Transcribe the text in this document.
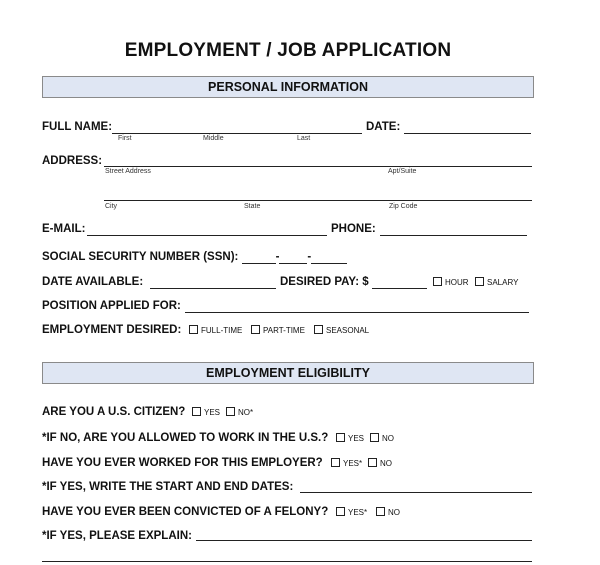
EMPLOYMENT / JOB APPLICATION
PERSONAL INFORMATION
FULL NAME:
First	Middle	Last
DATE:
ADDRESS:
Street Address	Apt/Suite
City	State	Zip Code
E-MAIL:	PHONE:
SOCIAL SECURITY NUMBER (SSN):	- -
DATE AVAILABLE:	DESIRED PAY: $	HOUR	SALARY
POSITION APPLIED FOR:
EMPLOYMENT DESIRED:	FULL-TIME	PART-TIME	SEASONAL
EMPLOYMENT ELIGIBILITY
ARE YOU A U.S. CITIZEN?	YES	NO*
*IF NO, ARE YOU ALLOWED TO WORK IN THE U.S.?	YES	NO
HAVE YOU EVER WORKED FOR THIS EMPLOYER?	YES*	NO
*IF YES, WRITE THE START AND END DATES:
HAVE YOU EVER BEEN CONVICTED OF A FELONY?	YES*	NO
*IF YES, PLEASE EXPLAIN:
